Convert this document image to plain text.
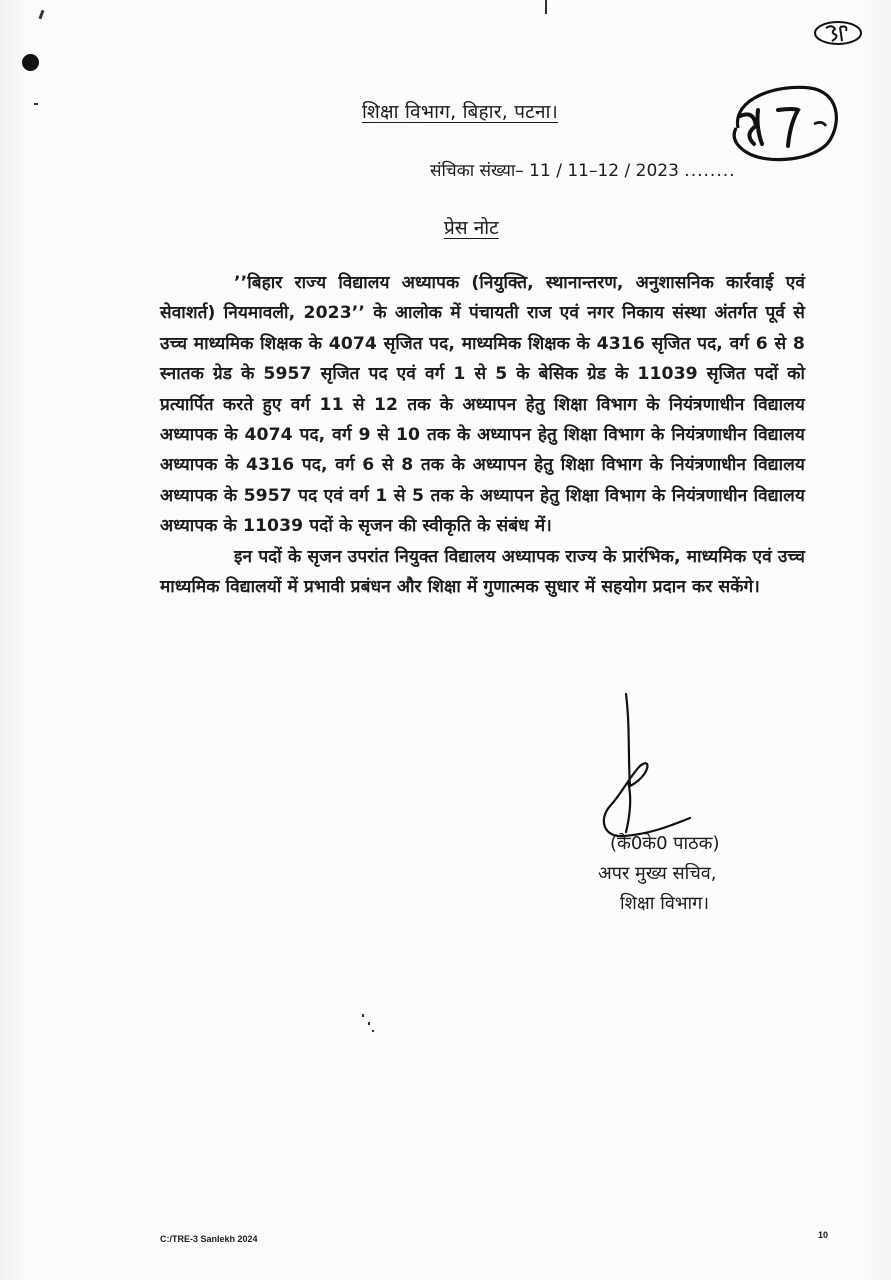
शिक्षा विभाग, बिहार, पटना।
संचिका संख्या– 11 / 11–12 / 2023 ........
प्रेस नोट

’’बिहार राज्य विद्यालय अध्यापक (नियुक्ति, स्थानान्तरण, अनुशासनिक कार्रवाई एवं सेवाशर्त) नियमावली, 2023’’ के आलोक में पंचायती राज एवं नगर निकाय संस्था अंतर्गत पूर्व से उच्च माध्यमिक शिक्षक के 4074 सृजित पद, माध्यमिक शिक्षक के 4316 सृजित पद, वर्ग 6 से 8 स्नातक ग्रेड के 5957 सृजित पद एवं वर्ग 1 से 5 के बेसिक ग्रेड के 11039 सृजित पदों को प्रत्यार्पित करते हुए वर्ग 11 से 12 तक के अध्यापन हेतु शिक्षा विभाग के नियंत्रणाधीन विद्यालय अध्यापक के 4074 पद, वर्ग 9 से 10 तक के अध्यापन हेतु शिक्षा विभाग के नियंत्रणाधीन विद्यालय अध्यापक के 4316 पद, वर्ग 6 से 8 तक के अध्यापन हेतु शिक्षा विभाग के नियंत्रणाधीन विद्यालय अध्यापक के 5957 पद एवं वर्ग 1 से 5 तक के अध्यापन हेतु शिक्षा विभाग के नियंत्रणाधीन विद्यालय अध्यापक के 11039 पदों के सृजन की स्वीकृति के संबंध में।

इन पदों के सृजन उपरांत नियुक्त विद्यालय अध्यापक राज्य के प्रारंभिक, माध्यमिक एवं उच्च माध्यमिक विद्यालयों में प्रभावी प्रबंधन और शिक्षा में गुणात्मक सुधार में सहयोग प्रदान कर सकेंगे।

(के0के0 पाठक)
अपर मुख्य सचिव,
शिक्षा विभाग।
C:/TRE-3 Sanlekh 2024	10
